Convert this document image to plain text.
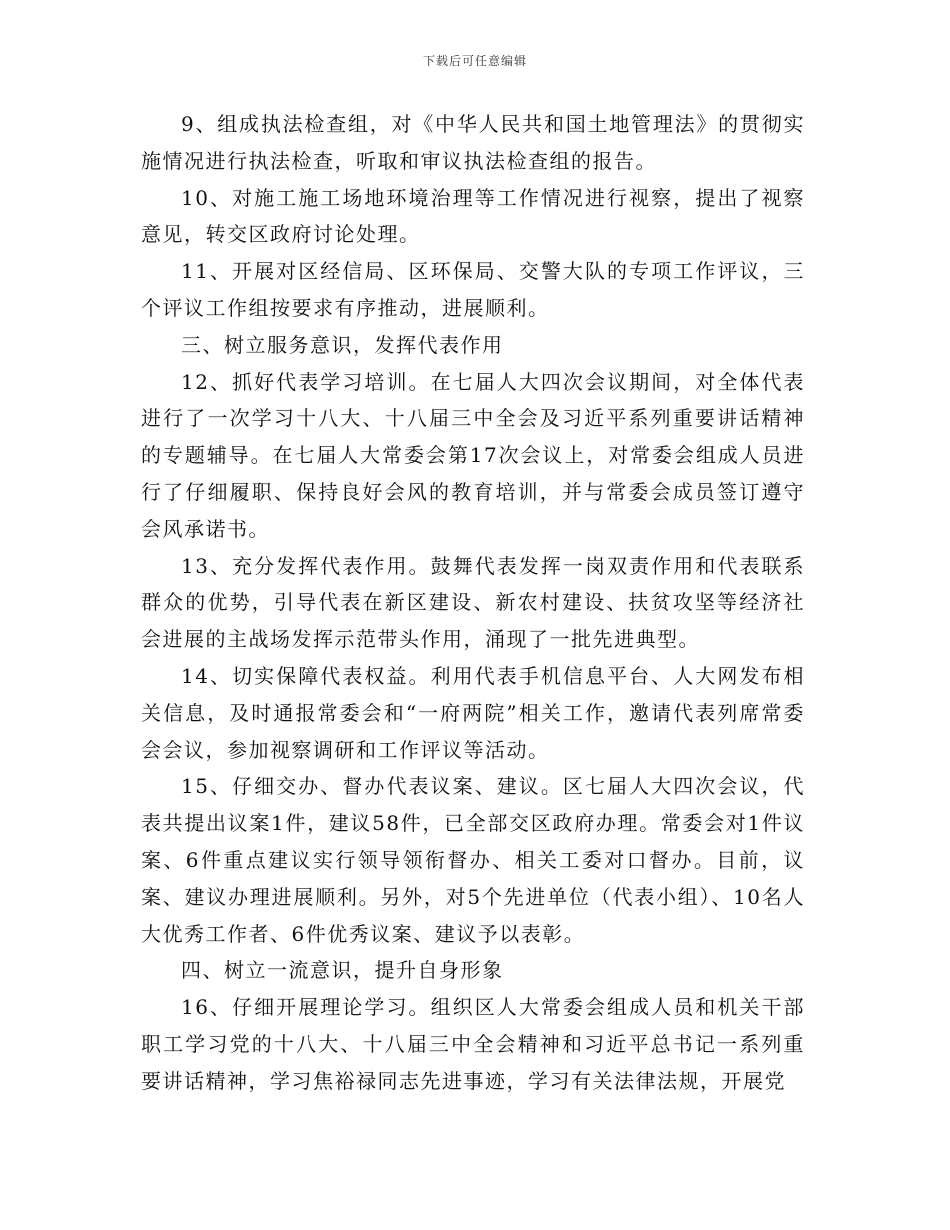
下载后可任意编辑

9、组成执法检查组，对《中华人民共和国土地管理法》的贯彻实施情况进行执法检查，听取和审议执法检查组的报告。

10、对施工施工场地环境治理等工作情况进行视察，提出了视察意见，转交区政府讨论处理。

11、开展对区经信局、区环保局、交警大队的专项工作评议，三个评议工作组按要求有序推动，进展顺利。

三、树立服务意识，发挥代表作用

12、抓好代表学习培训。在七届人大四次会议期间，对全体代表进行了一次学习十八大、十八届三中全会及习近平系列重要讲话精神的专题辅导。在七届人大常委会第17次会议上，对常委会组成人员进行了仔细履职、保持良好会风的教育培训，并与常委会成员签订遵守会风承诺书。

13、充分发挥代表作用。鼓舞代表发挥一岗双责作用和代表联系群众的优势，引导代表在新区建设、新农村建设、扶贫攻坚等经济社会进展的主战场发挥示范带头作用，涌现了一批先进典型。

14、切实保障代表权益。利用代表手机信息平台、人大网发布相关信息，及时通报常委会和“一府两院”相关工作，邀请代表列席常委会会议，参加视察调研和工作评议等活动。

15、仔细交办、督办代表议案、建议。区七届人大四次会议，代表共提出议案1件，建议58件，已全部交区政府办理。常委会对1件议案、6件重点建议实行领导领衔督办、相关工委对口督办。目前，议案、建议办理进展顺利。另外，对5个先进单位（代表小组）、10名人大优秀工作者、6件优秀议案、建议予以表彰。

四、树立一流意识，提升自身形象

16、仔细开展理论学习。组织区人大常委会组成人员和机关干部职工学习党的十八大、十八届三中全会精神和习近平总书记一系列重要讲话精神，学习焦裕禄同志先进事迹，学习有关法律法规，开展党
